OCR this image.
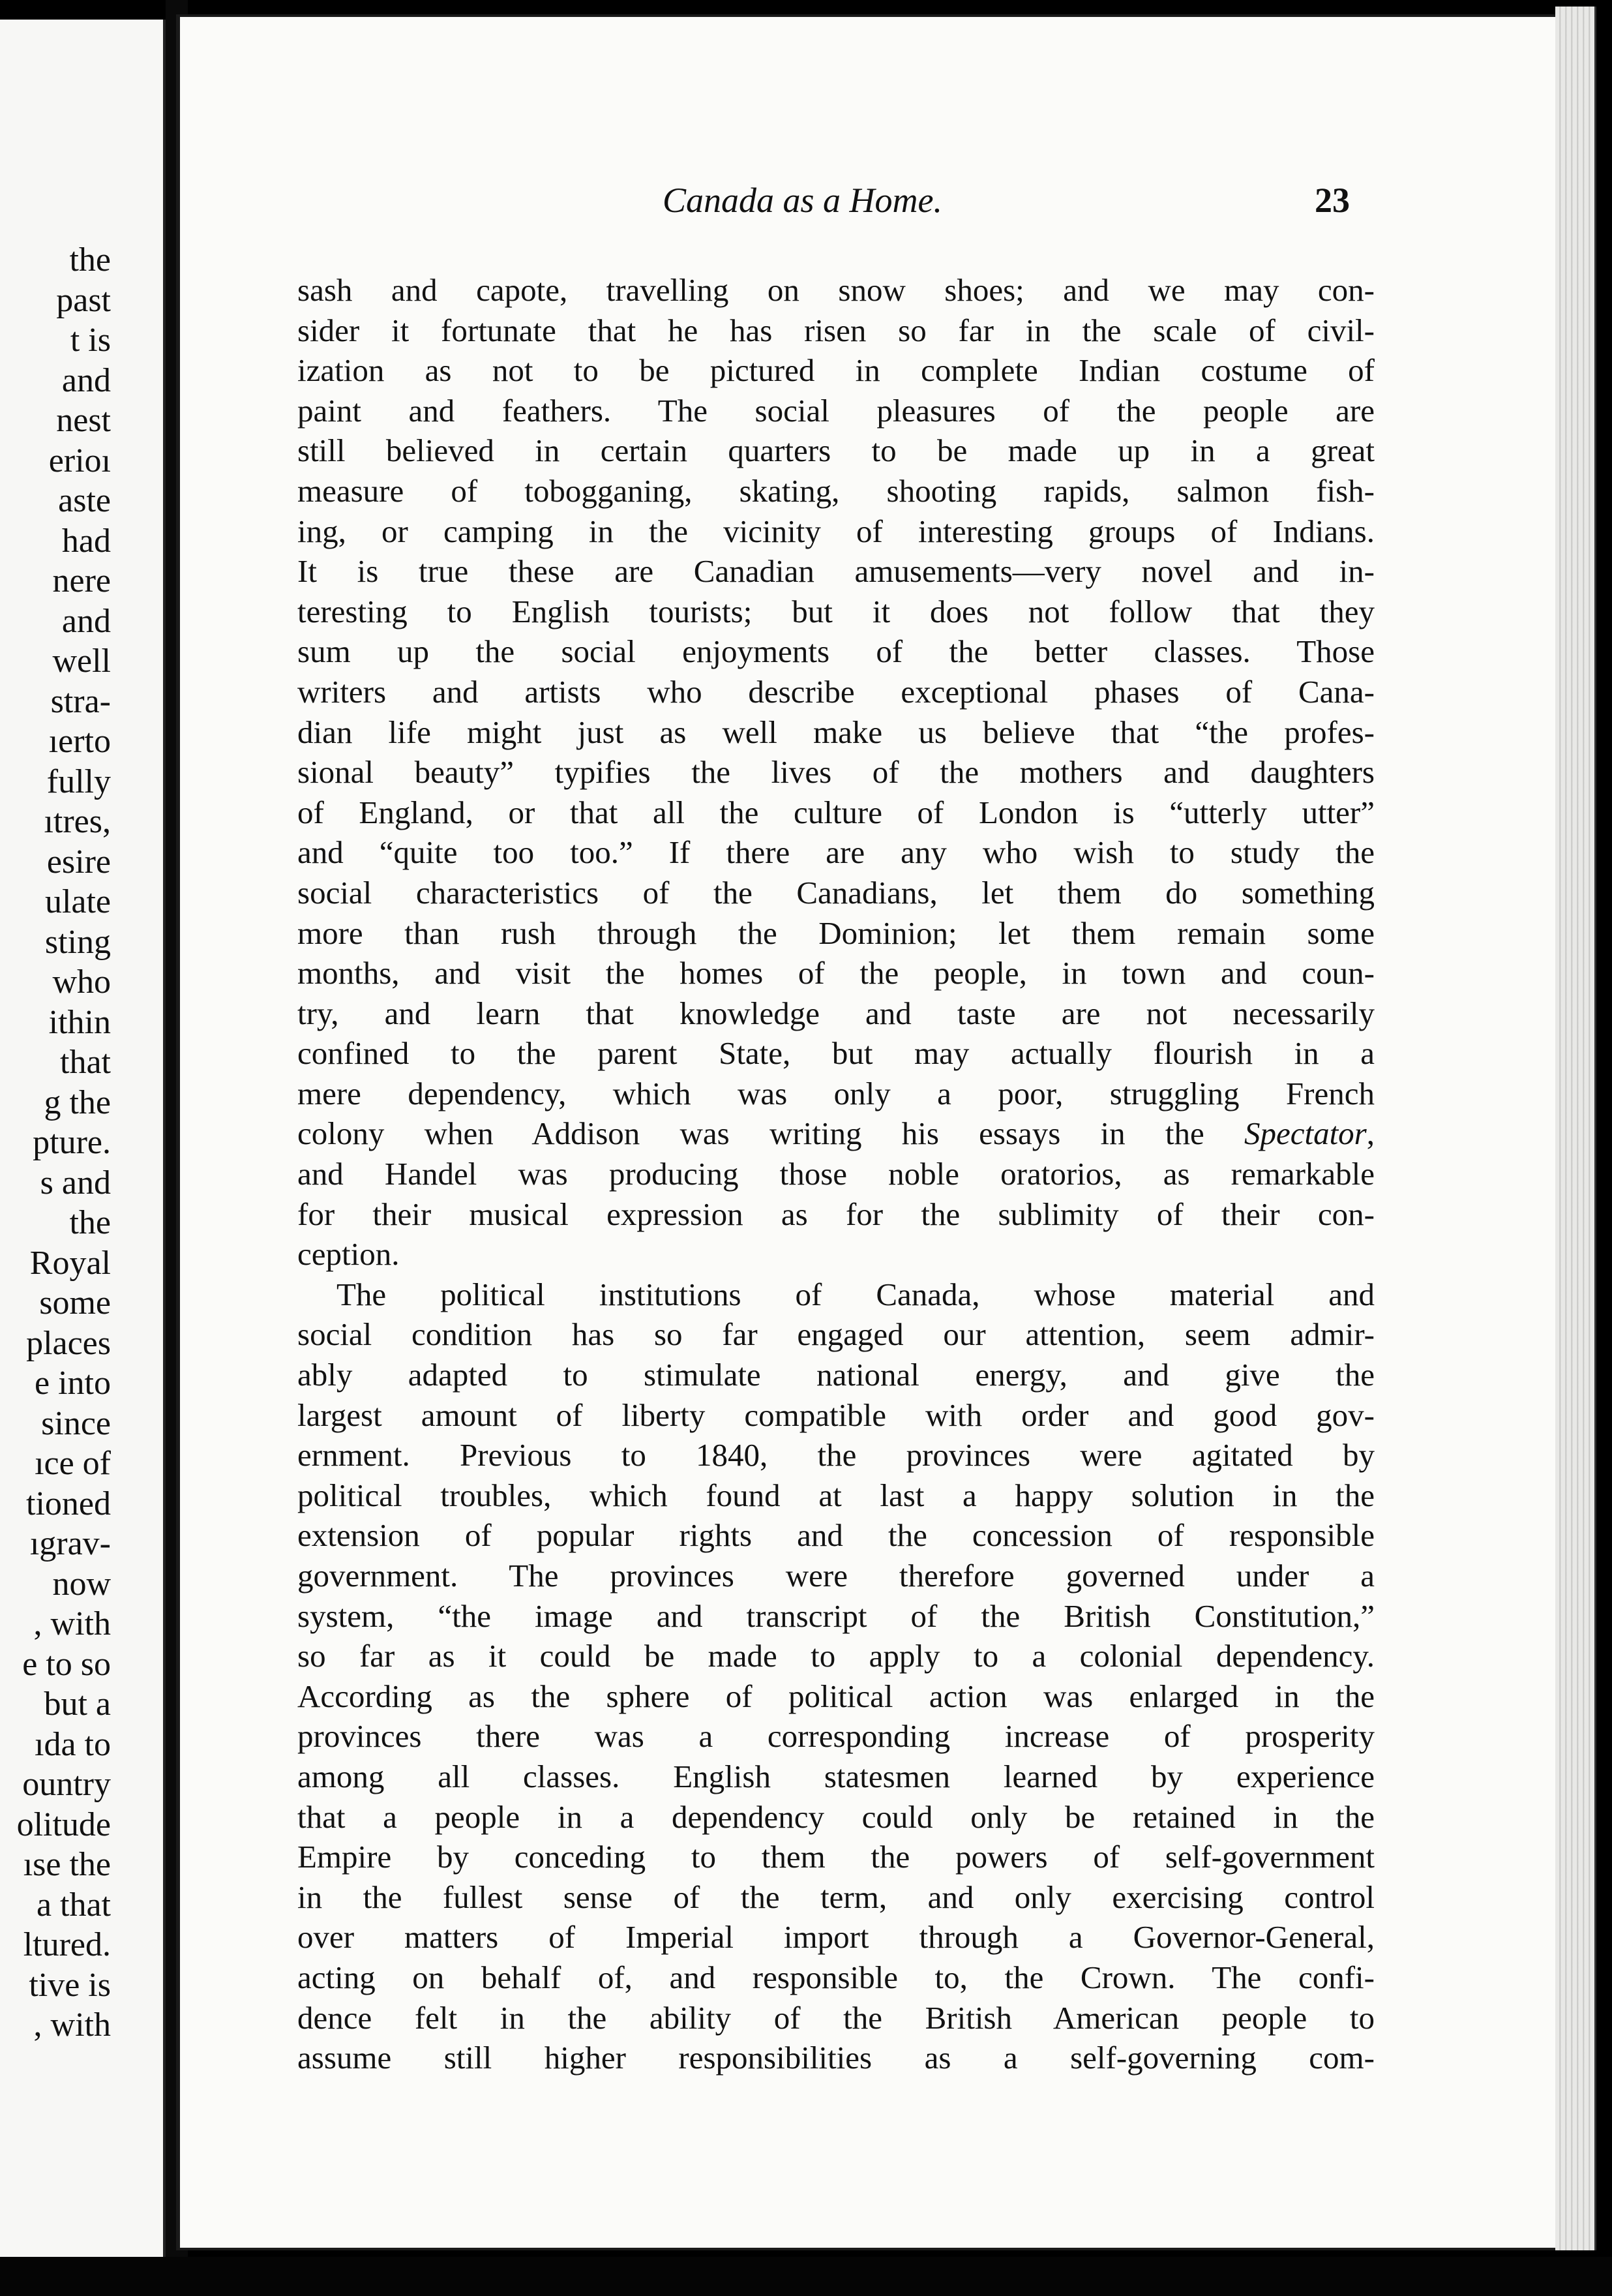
the
past
t is
and
nest
erioı
aste
had
nere
and
well
stra-
ıerto
fully
ıtres,
esire
ulate
sting
who
ithin
that
g the
pture.
s and
the
Royal
some
places
e into
since
ıce of
tioned
ıgrav-
now
, with
e to so
but a
ıda to
ountry
olitude
ıse the
a that
ltured.
tive is
, with
Canada as a Home.	23
sash and capote, travelling on snow shoes; and we may con-
sider it fortunate that he has risen so far in the scale of civil-
ization as not to be pictured in complete Indian costume of
paint and feathers. The social pleasures of the people are
still believed in certain quarters to be made up in a great
measure of tobogganing, skating, shooting rapids, salmon fish-
ing, or camping in the vicinity of interesting groups of Indians.
It is true these are Canadian amusements—very novel and in-
teresting to English tourists; but it does not follow that they
sum up the social enjoyments of the better classes. Those
writers and artists who describe exceptional phases of Cana-
dian life might just as well make us believe that “the profes-
sional beauty” typifies the lives of the mothers and daughters
of England, or that all the culture of London is “utterly utter”
and “quite too too.” If there are any who wish to study the
social characteristics of the Canadians, let them do something
more than rush through the Dominion; let them remain some
months, and visit the homes of the people, in town and coun-
try, and learn that knowledge and taste are not necessarily
confined to the parent State, but may actually flourish in a
mere dependency, which was only a poor, struggling French
colony when Addison was writing his essays in the Spectator,
and Handel was producing those noble oratorios, as remarkable
for their musical expression as for the sublimity of their con-
ception.
The political institutions of Canada, whose material and
social condition has so far engaged our attention, seem admir-
ably adapted to stimulate national energy, and give the
largest amount of liberty compatible with order and good gov-
ernment. Previous to 1840, the provinces were agitated by
political troubles, which found at last a happy solution in the
extension of popular rights and the concession of responsible
government. The provinces were therefore governed under a
system, “the image and transcript of the British Constitution,”
so far as it could be made to apply to a colonial dependency.
According as the sphere of political action was enlarged in the
provinces there was a corresponding increase of prosperity
among all classes. English statesmen learned by experience
that a people in a dependency could only be retained in the
Empire by conceding to them the powers of self-government
in the fullest sense of the term, and only exercising control
over matters of Imperial import through a Governor-General,
acting on behalf of, and responsible to, the Crown. The confi-
dence felt in the ability of the British American people to
assume still higher responsibilities as a self-governing com-
